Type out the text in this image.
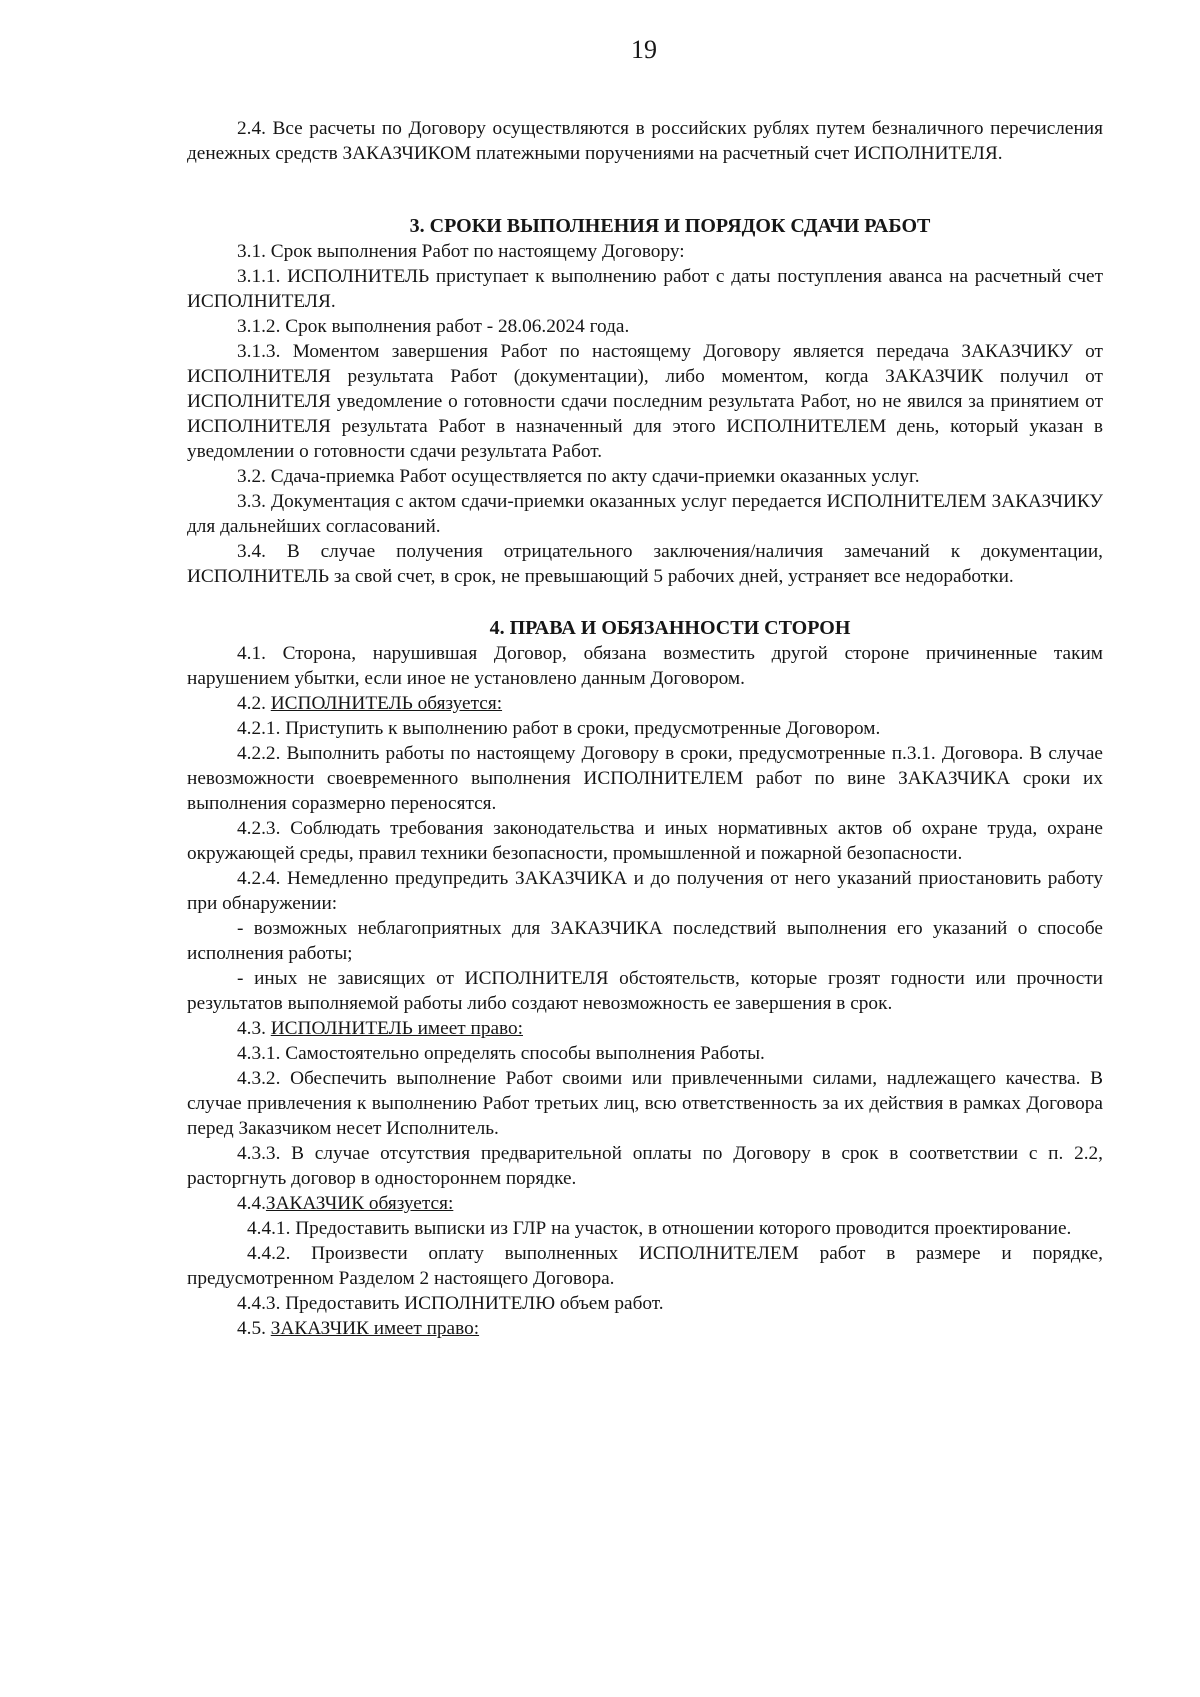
19

2.4. Все расчеты по Договору осуществляются в российских рублях путем безналичного перечисления денежных средств ЗАКАЗЧИКОМ платежными поручениями на расчетный счет ИСПОЛНИТЕЛЯ.

3. СРОКИ ВЫПОЛНЕНИЯ И ПОРЯДОК СДАЧИ РАБОТ

3.1. Срок выполнения Работ по настоящему Договору:

3.1.1. ИСПОЛНИТЕЛЬ приступает к выполнению работ с даты поступления аванса на расчетный счет ИСПОЛНИТЕЛЯ.

3.1.2. Срок выполнения работ - 28.06.2024 года.

3.1.3. Моментом завершения Работ по настоящему Договору является передача ЗАКАЗЧИКУ от ИСПОЛНИТЕЛЯ результата Работ (документации), либо моментом, когда ЗАКАЗЧИК получил от ИСПОЛНИТЕЛЯ уведомление о готовности сдачи последним результата Работ, но не явился за принятием от ИСПОЛНИТЕЛЯ результата Работ в назначенный для этого ИСПОЛНИТЕЛЕМ день, который указан в уведомлении о готовности сдачи результата Работ.

3.2. Сдача-приемка Работ осуществляется по акту сдачи-приемки оказанных услуг.

3.3. Документация с актом сдачи-приемки оказанных услуг передается ИСПОЛНИТЕЛЕМ ЗАКАЗЧИКУ для дальнейших согласований.

3.4. В случае получения отрицательного заключения/наличия замечаний к документации, ИСПОЛНИТЕЛЬ за свой счет, в срок, не превышающий 5 рабочих дней, устраняет все недоработки.

4. ПРАВА И ОБЯЗАННОСТИ СТОРОН

4.1. Сторона, нарушившая Договор, обязана возместить другой стороне причиненные таким нарушением убытки, если иное не установлено данным Договором.

4.2. ИСПОЛНИТЕЛЬ обязуется:

4.2.1. Приступить к выполнению работ в сроки, предусмотренные Договором.

4.2.2. Выполнить работы по настоящему Договору в сроки, предусмотренные п.3.1. Договора. В случае невозможности своевременного выполнения ИСПОЛНИТЕЛЕМ работ по вине ЗАКАЗЧИКА сроки их выполнения соразмерно переносятся.

4.2.3. Соблюдать требования законодательства и иных нормативных актов об охране труда, охране окружающей среды, правил техники безопасности, промышленной и пожарной безопасности.

4.2.4. Немедленно предупредить ЗАКАЗЧИКА и до получения от него указаний приостановить работу при обнаружении:

- возможных неблагоприятных для ЗАКАЗЧИКА последствий выполнения его указаний о способе исполнения работы;

- иных не зависящих от ИСПОЛНИТЕЛЯ обстоятельств, которые грозят годности или прочности результатов выполняемой работы либо создают невозможность ее завершения в срок.

4.3. ИСПОЛНИТЕЛЬ имеет право:

4.3.1. Самостоятельно определять способы выполнения Работы.

4.3.2. Обеспечить выполнение Работ своими или привлеченными силами, надлежащего качества. В случае привлечения к выполнению Работ третьих лиц, всю ответственность за их действия в рамках Договора перед Заказчиком несет Исполнитель.

4.3.3. В случае отсутствия предварительной оплаты по Договору в срок в соответствии с п. 2.2, расторгнуть договор в одностороннем порядке.

4.4.ЗАКАЗЧИК обязуется:

4.4.1. Предоставить выписки из ГЛР на участок, в отношении которого проводится проектирование.

4.4.2. Произвести оплату выполненных ИСПОЛНИТЕЛЕМ работ в размере и порядке, предусмотренном Разделом 2 настоящего Договора.

4.4.3. Предоставить ИСПОЛНИТЕЛЮ объем работ.

4.5. ЗАКАЗЧИК имеет право:
